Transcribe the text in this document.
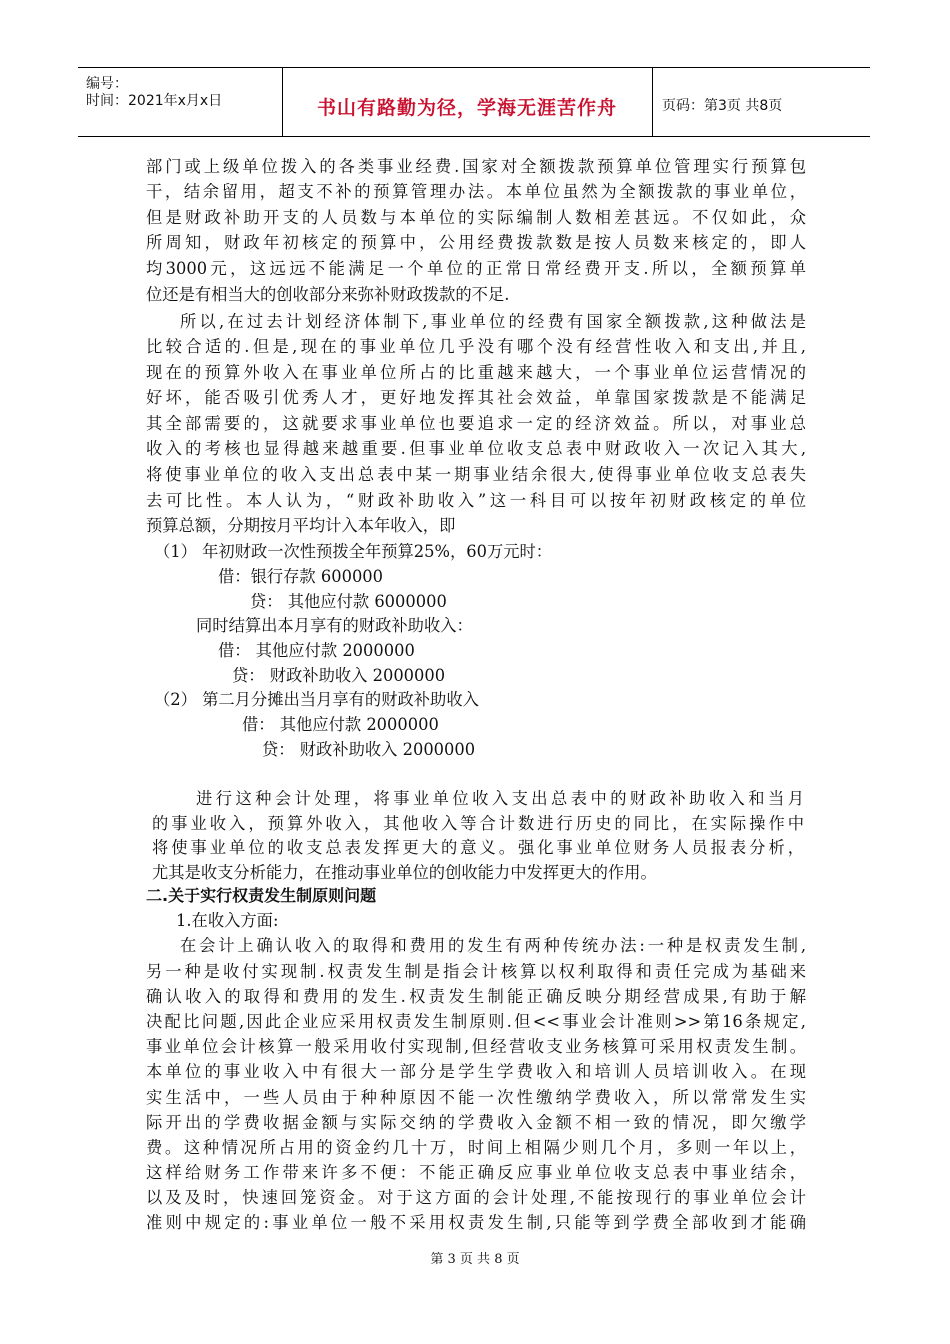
编号：
时间：2021年x月x日	书山有路勤为径，学海无涯苦作舟	页码：第3页 共8页
部门或上级单位拨入的各类事业经费.国家对全额拨款预算单位管理实行预算包
干，结余留用，超支不补的预算管理办法。本单位虽然为全额拨款的事业单位，
但是财政补助开支的人员数与本单位的实际编制人数相差甚远。不仅如此，众
所周知，财政年初核定的预算中，公用经费拨款数是按人员数来核定的，即人
均3000元，这远远不能满足一个单位的正常日常经费开支.所以，全额预算单
位还是有相当大的创收部分来弥补财政拨款的不足.
所以,在过去计划经济体制下,事业单位的经费有国家全额拨款,这种做法是
比较合适的.但是,现在的事业单位几乎没有哪个没有经营性收入和支出,并且,
现在的预算外收入在事业单位所占的比重越来越大，一个事业单位运营情况的
好坏，能否吸引优秀人才，更好地发挥其社会效益，单靠国家拨款是不能满足
其全部需要的，这就要求事业单位也要追求一定的经济效益。所以，对事业总
收入的考核也显得越来越重要.但事业单位收支总表中财政收入一次记入其大,
将使事业单位的收入支出总表中某一期事业结余很大,使得事业单位收支总表失
去可比性。本人认为，“财政补助收入”这一科目可以按年初财政核定的单位
预算总额，分期按月平均计入本年收入，即
（1） 年初财政一次性预拨全年预算25%，60万元时：
借：银行存款 600000
贷： 其他应付款 6000000
同时结算出本月享有的财政补助收入：
借： 其他应付款 2000000
贷： 财政补助收入 2000000
（2） 第二月分摊出当月享有的财政补助收入
借： 其他应付款 2000000
贷： 财政补助收入 2000000
进行这种会计处理，将事业单位收入支出总表中的财政补助收入和当月
的事业收入，预算外收入，其他收入等合计数进行历史的同比，在实际操作中
将使事业单位的收支总表发挥更大的意义。强化事业单位财务人员报表分析，
尤其是收支分析能力，在推动事业单位的创收能力中发挥更大的作用。
二.关于实行权责发生制原则问题
1.在收入方面:
在会计上确认收入的取得和费用的发生有两种传统办法:一种是权责发生制,
另一种是收付实现制.权责发生制是指会计核算以权利取得和责任完成为基础来
确认收入的取得和费用的发生.权责发生制能正确反映分期经营成果,有助于解
决配比问题,因此企业应采用权责发生制原则.但<<事业会计准则>>第16条规定,
事业单位会计核算一般采用收付实现制,但经营收支业务核算可采用权责发生制。
本单位的事业收入中有很大一部分是学生学费收入和培训人员培训收入。在现
实生活中，一些人员由于种种原因不能一次性缴纳学费收入，所以常常发生实
际开出的学费收据金额与实际交纳的学费收入金额不相一致的情况，即欠缴学
费。这种情况所占用的资金约几十万，时间上相隔少则几个月，多则一年以上，
这样给财务工作带来许多不便：不能正确反应事业单位收支总表中事业结余，
以及及时，快速回笼资金。对于这方面的会计处理,不能按现行的事业单位会计
准则中规定的:事业单位一般不采用权责发生制,只能等到学费全部收到才能确
第 3 页 共 8 页
